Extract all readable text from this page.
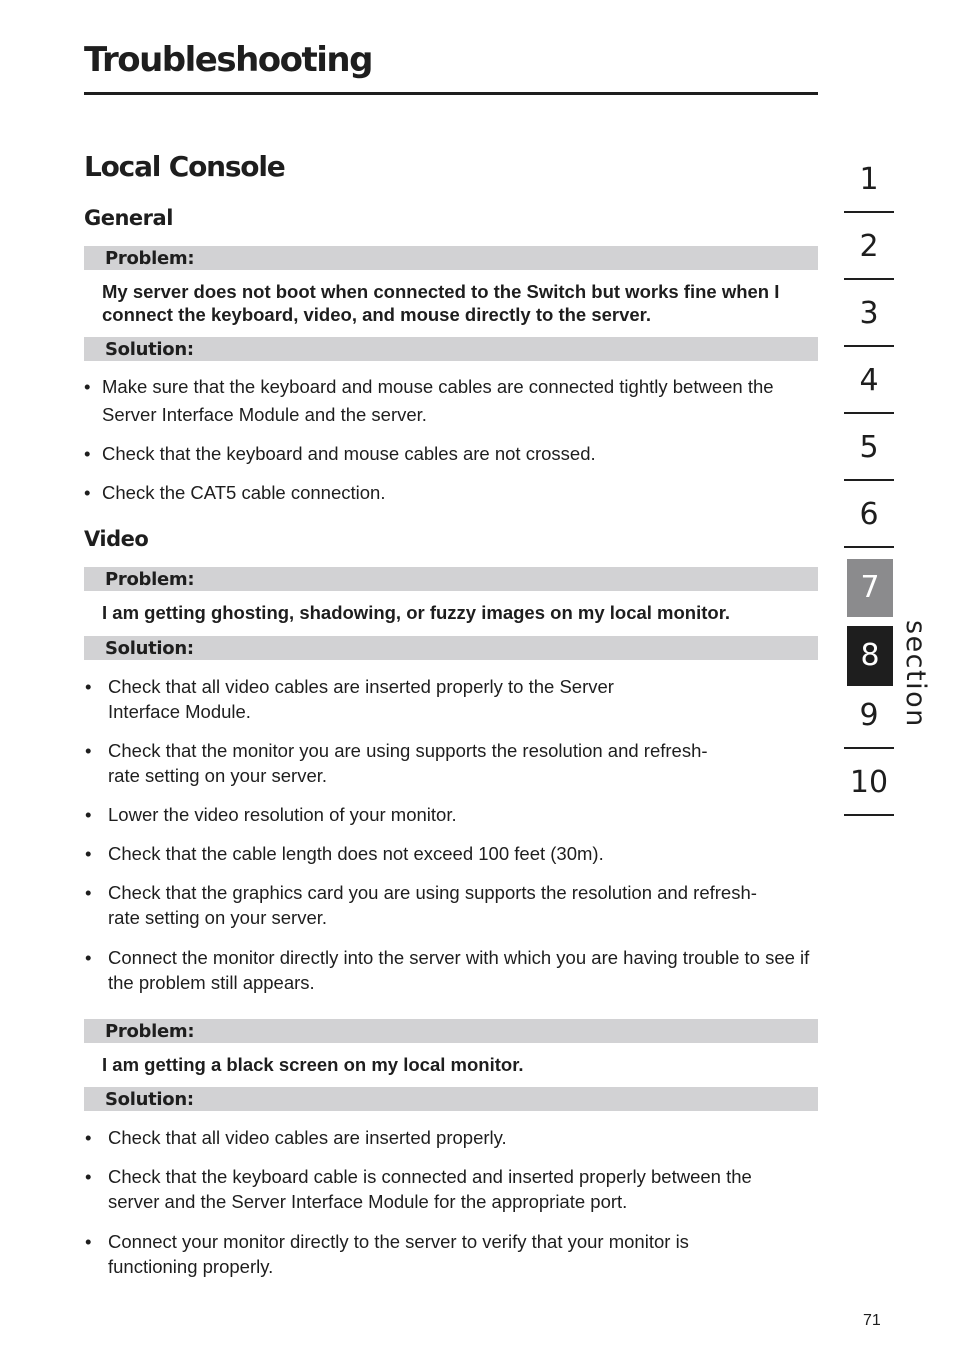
Troubleshooting
Local Console
General
Problem:

My server does not boot when connected to the Switch but works fine when I connect the keyboard, video, and mouse directly to the server.

Solution:

• Make sure that the keyboard and mouse cables are connected tightly between the Server Interface Module and the server.

• Check that the keyboard and mouse cables are not crossed.

• Check the CAT5 cable connection.

Video
Problem:

I am getting ghosting, shadowing, or fuzzy images on my local monitor.

Solution:

• Check that all video cables are inserted properly to the Server Interface Module.

• Check that the monitor you are using supports the resolution and refresh-rate setting on your server.

• Lower the video resolution of your monitor.

• Check that the cable length does not exceed 100 feet (30m).

• Check that the graphics card you are using supports the resolution and refresh-rate setting on your server.

• Connect the monitor directly into the server with which you are having trouble to see if the problem still appears.

Problem:

I am getting a black screen on my local monitor.

Solution:

• Check that all video cables are inserted properly.

• Check that the keyboard cable is connected and inserted properly between the server and the Server Interface Module for the appropriate port.

• Connect your monitor directly to the server to verify that your monitor is functioning properly.

1
2
3
4
5
6
7
8
9
10
section
71
